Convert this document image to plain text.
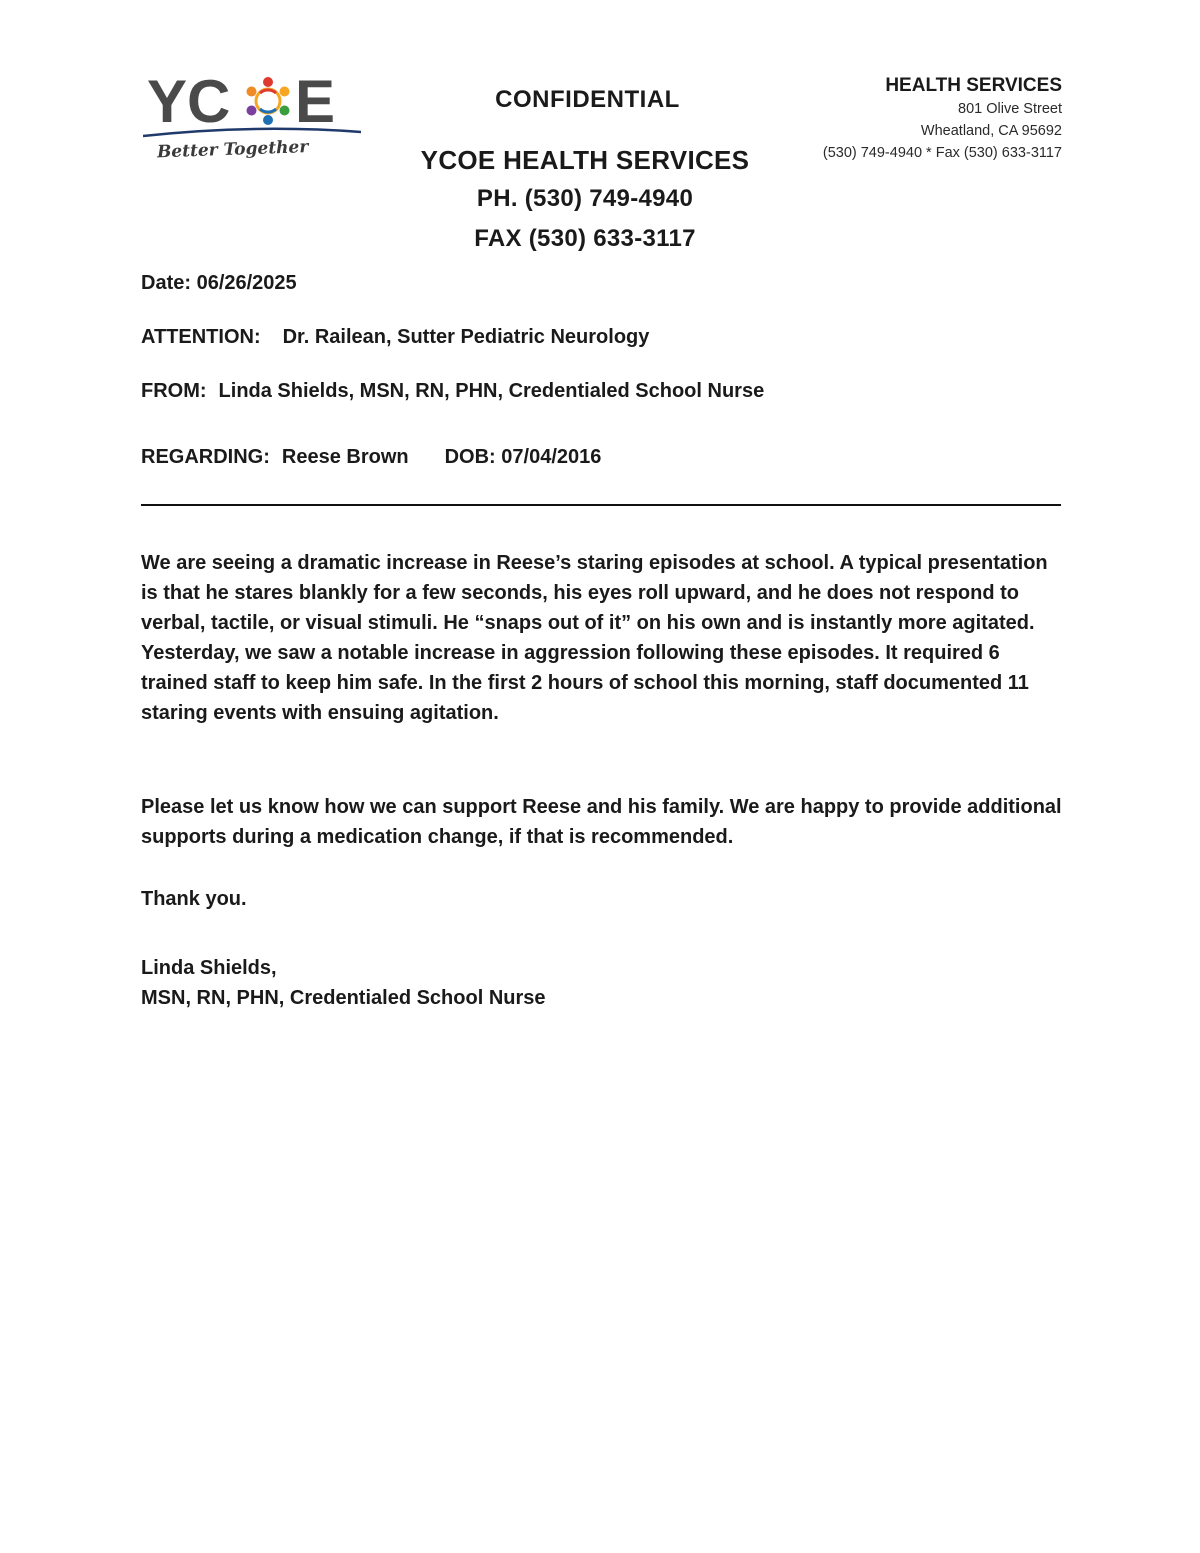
YC E
Better Together
CONFIDENTIAL
YCOE HEALTH SERVICES
PH. (530) 749-4940
FAX (530) 633-3117
HEALTH SERVICES
801 Olive Street
Wheatland, CA 95692
(530) 749-4940 * Fax (530) 633-3117
Date: 06/26/2025
ATTENTION: Dr. Railean, Sutter Pediatric Neurology
FROM: Linda Shields, MSN, RN, PHN, Credentialed School Nurse
REGARDING: Reese Brown DOB: 07/04/2016

We are seeing a dramatic increase in Reese’s staring episodes at school. A typical presentation is that he stares blankly for a few seconds, his eyes roll upward, and he does not respond to verbal, tactile, or visual stimuli. He “snaps out of it” on his own and is instantly more agitated. Yesterday, we saw a notable increase in aggression following these episodes. It required 6 trained staff to keep him safe. In the first 2 hours of school this morning, staff documented 11 staring events with ensuing agitation.

Please let us know how we can support Reese and his family. We are happy to provide additional supports during a medication change, if that is recommended.

Thank you.
Linda Shields,
MSN, RN, PHN, Credentialed School Nurse
